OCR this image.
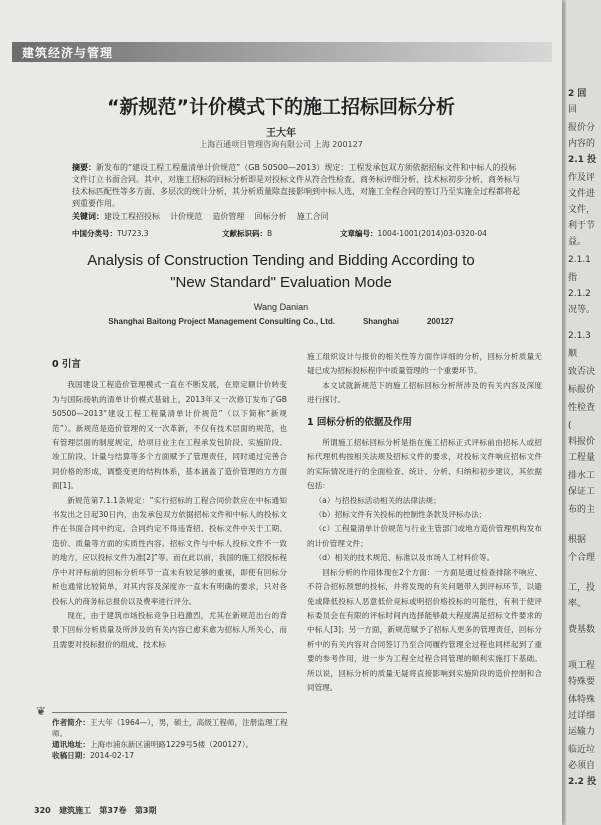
建筑经济与管理
“新规范”计价模式下的施工招标回标分析
王大年
上海百通项目管理咨询有限公司 上海 200127
摘要：新发布的“建设工程工程量清单计价规范”（GB 50500—2013）规定：工程发承包双方须依据招标文件和中标人的投标文件订立书面合同。其中，对施工招标的回标分析即是对投标文件从符合性检查、商务标评细分析、技术标初步分析、商务标与技术标匹配性等多方面、多层次的统计分析，其分析质量除直接影响到中标人选，对施工全程合同的签订乃至实施全过程都将起到重要作用。
关键词：建设工程招投标 计价规范 造价管理 回标分析 施工合同
中国分类号：TU723.3	文献标识码：B	文章编号：1004-1001(2014)03-0320-04
Analysis of Construction Tending and Bidding According to
"New Standard" Evaluation Mode
Wang Danian
Shanghai Baitong Project Management Consulting Co., Ltd.	Shanghai	200127

0 引言

我国建设工程造价管理模式一直在不断发展，在原定额计价转变为与国际接轨的清单计价模式基础上，2013年又一次修订发布了GB 50500—2013“建设工程工程量清单计价规范”（以下简称“新规范”）。新规范是造价管理的又一次革新，不仅有技术层面的规范，也有管理层面的制度规定，给项目业主在工程承发包阶段、实施阶段、竣工阶段、计量与结算等多个方面赋予了管理责任，同时通过完善合同价格的形成，调整变更的结构体系，基本涵盖了造价管理的方方面面[1]。

新规范第7.1.1条规定：“实行招标的工程合同价款应在中标通知书发出之日起30日内，由发承包双方依据招标文件和中标人的投标文件在书面合同中约定。合同约定不得违背招、投标文件中关于工期、造价、质量等方面的实质性内容。招标文件与中标人投标文件不一致的地方，应以投标文件为准[2]”等。而在此以前，我国的施工招投标程序中对评标前的回标分析环节一直未有较足够的重视，即使有回标分析也通常比较简单，对其内容及深度亦一直未有明确的要求，只对各投标人的商务标总报价以及费率进行评分。

现在，由于建筑市场投标竞争日趋激烈，尤其在新规范出台的背景下回标分析质量及所涉及的有关内容已愈来愈为招标人所关心，而且需要对投标报价的组成、技术标

施工组织设计与报价的相关性等方面作详细的分析，回标分析质量无疑已成为招标投标程序中质量管理的一个重要环节。

本文试就新规范下的施工招标回标分析所涉及的有关内容及深度进行探讨。

1 回标分析的依据及作用

所谓施工招标回标分析是指在施工招标正式评标前由招标人或招标代理机构按相关法规及招标文件的要求，对投标文件响应招标文件的实际情况进行的全面检查、统计、分析、归纳和初步建议，其依据包括：

（a）与招投标活动相关的法律法规；

（b）招标文件有关投标的控制性条款及评标办法；

（c）工程量清单计价规范与行业主管部门或地方造价管理机构发布的计价管理文件；

（d）相关的技术规范、标准以及市场人工材料价等。

回标分析的作用体现在2个方面：一方面是通过检查排除不响应、不符合招标预想的投标，并将发现的有关问题带入到评标环节，以避免或降低投标人恶意低价竞标或明招价格投标的可能性，有利于使评标委员会在有限的评标时间内选择能够最大程度满足招标文件要求的中标人[3]；另一方面，新规范赋予了招标人更多的管理责任，回标分析中的有关内容对合同签订乃至合同履约管理全过程也同样起到了重要的参考作用，进一步为工程全过程合同管理的顺利实施打下基础。所以说，回标分析的质量无疑将直接影响到实施阶段的造价控制和合同管理。

❦
作者简介：王大年（1964—），男，硕士，高级工程师，注册监理工程师。
通讯地址：上海市浦东新区浦明路1229号5楼（200127）。
收稿日期：2014-02-17
320 建筑施工 第37卷 第3期
2 回
回
报价分
内容的
2.1 投
作及评
文件进
文件，
利于节
益。
2.1.1
指
2.1.2
况等。
2.1.3
顺
致否决
标报价
性检查
(
料报价
工程量
排水工
保证工
布的主
根据
个合理
工，投
率。
费基数
项工程
特殊要
体特殊
过详细
运输力
临近垃
必须自
2.2 投
